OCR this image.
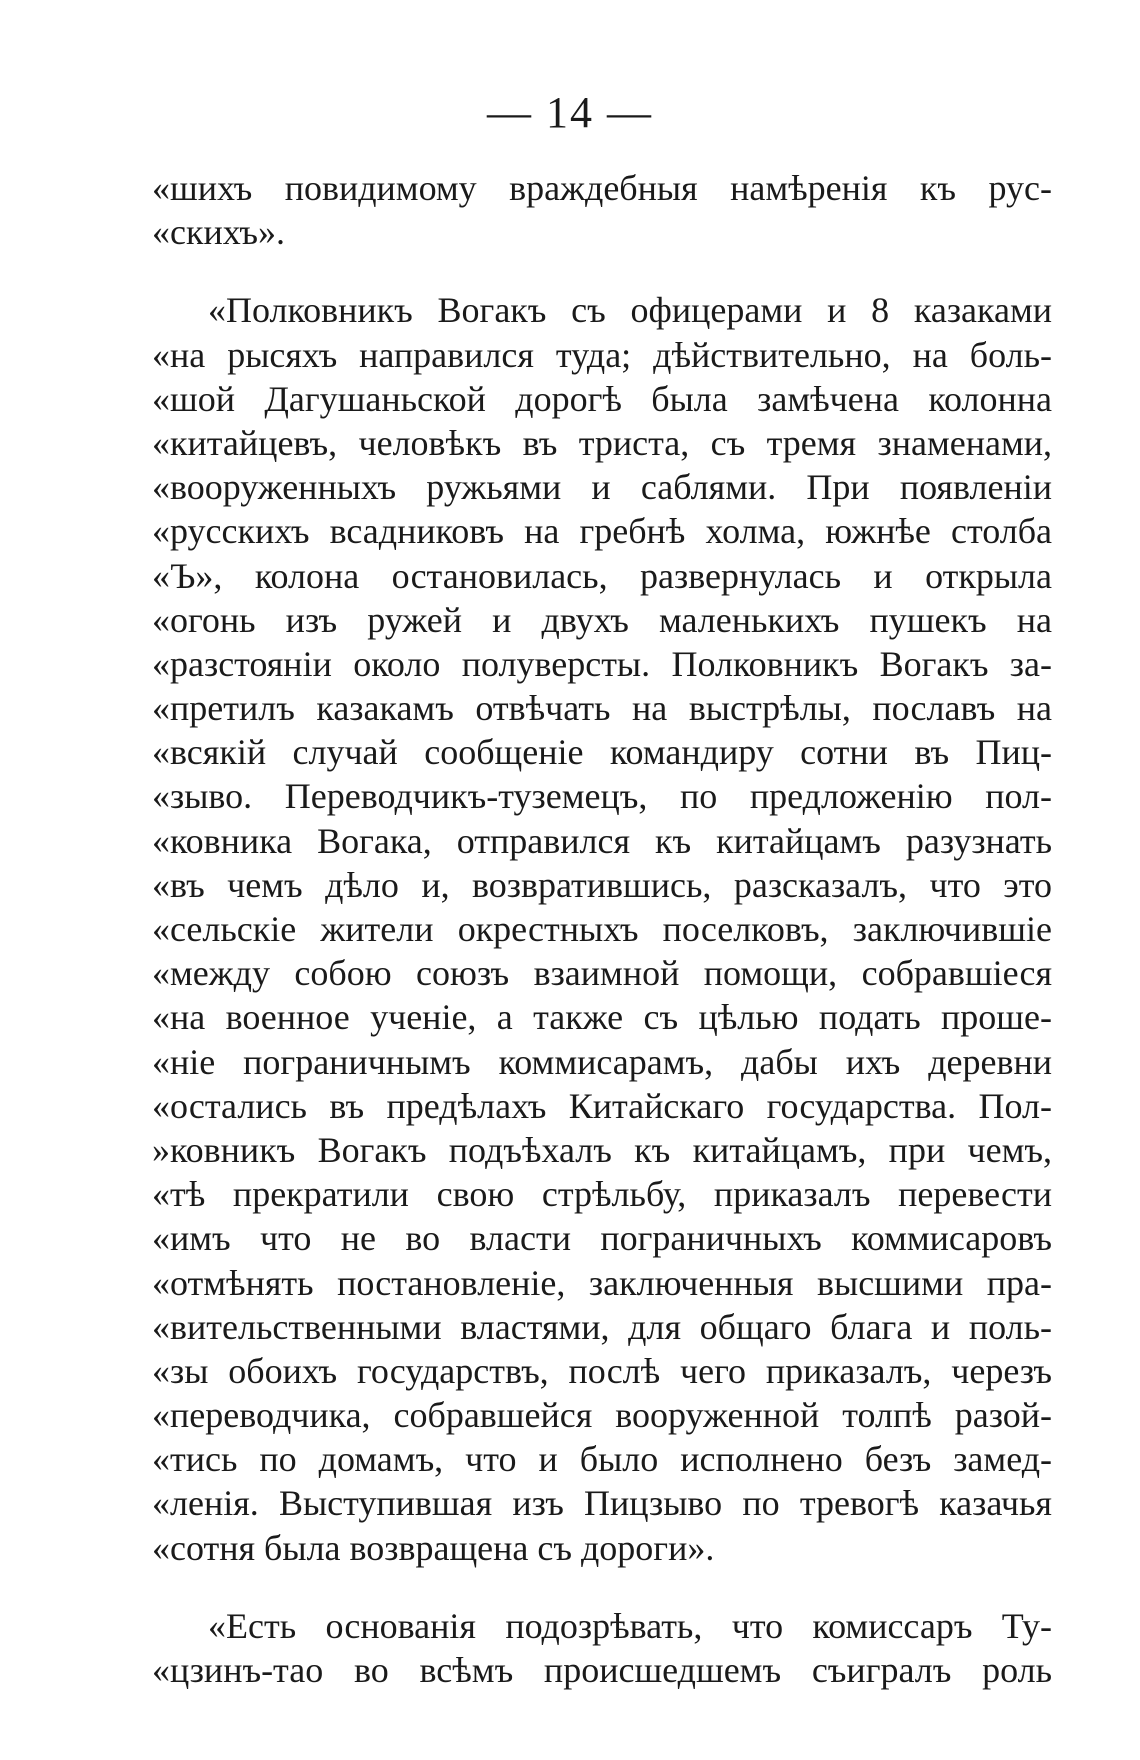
— 14 —
«шихъ повидимому враждебныя намѣренія къ рус-
«скихъ».
«Полковникъ Вогакъ съ офицерами и 8 казаками
«на рысяхъ направился туда; дѣйствительно, на боль-
«шой Дагушаньской дорогѣ была замѣчена колонна
«китайцевъ, человѣкъ въ триста, съ тремя знаменами,
«вооруженныхъ ружьями и саблями. При появленіи
«русскихъ всадниковъ на гребнѣ холма, южнѣе столба
«Ъ», колона остановилась, развернулась и открыла
«огонь изъ ружей и двухъ маленькихъ пушекъ на
«разстояніи около полуверсты. Полковникъ Вогакъ за-
«претилъ казакамъ отвѣчать на выстрѣлы, пославъ на
«всякій случай сообщеніе командиру сотни въ Пиц-
«зыво. Переводчикъ-туземецъ, по предложенію пол-
«ковника Вогака, отправился къ китайцамъ разузнать
«въ чемъ дѣло и, возвратившись, разсказалъ, что это
«сельскіе жители окрестныхъ поселковъ, заключившіе
«между собою союзъ взаимной помощи, собравшіеся
«на военное ученіе, а также съ цѣлью подать проше-
«ніе пограничнымъ коммисарамъ, дабы ихъ деревни
«остались въ предѣлахъ Китайскаго государства. Пол-
»ковникъ Вогакъ подъѣхалъ къ китайцамъ, при чемъ,
«тѣ прекратили свою стрѣльбу, приказалъ перевести
«имъ что не во власти пограничныхъ коммисаровъ
«отмѣнять постановленіе, заключенныя высшими пра-
«вительственными властями, для общаго блага и поль-
«зы обоихъ государствъ, послѣ чего приказалъ, черезъ
«переводчика, собравшейся вооруженной толпѣ разой-
«тись по домамъ, что и было исполнено безъ замед-
«ленія. Выступившая изъ Пицзыво по тревогѣ казачья
«сотня была возвращена съ дороги».
«Есть основанія подозрѣвать, что комиссаръ Ту-
«цзинъ-тао во всѣмъ происшедшемъ съигралъ роль
